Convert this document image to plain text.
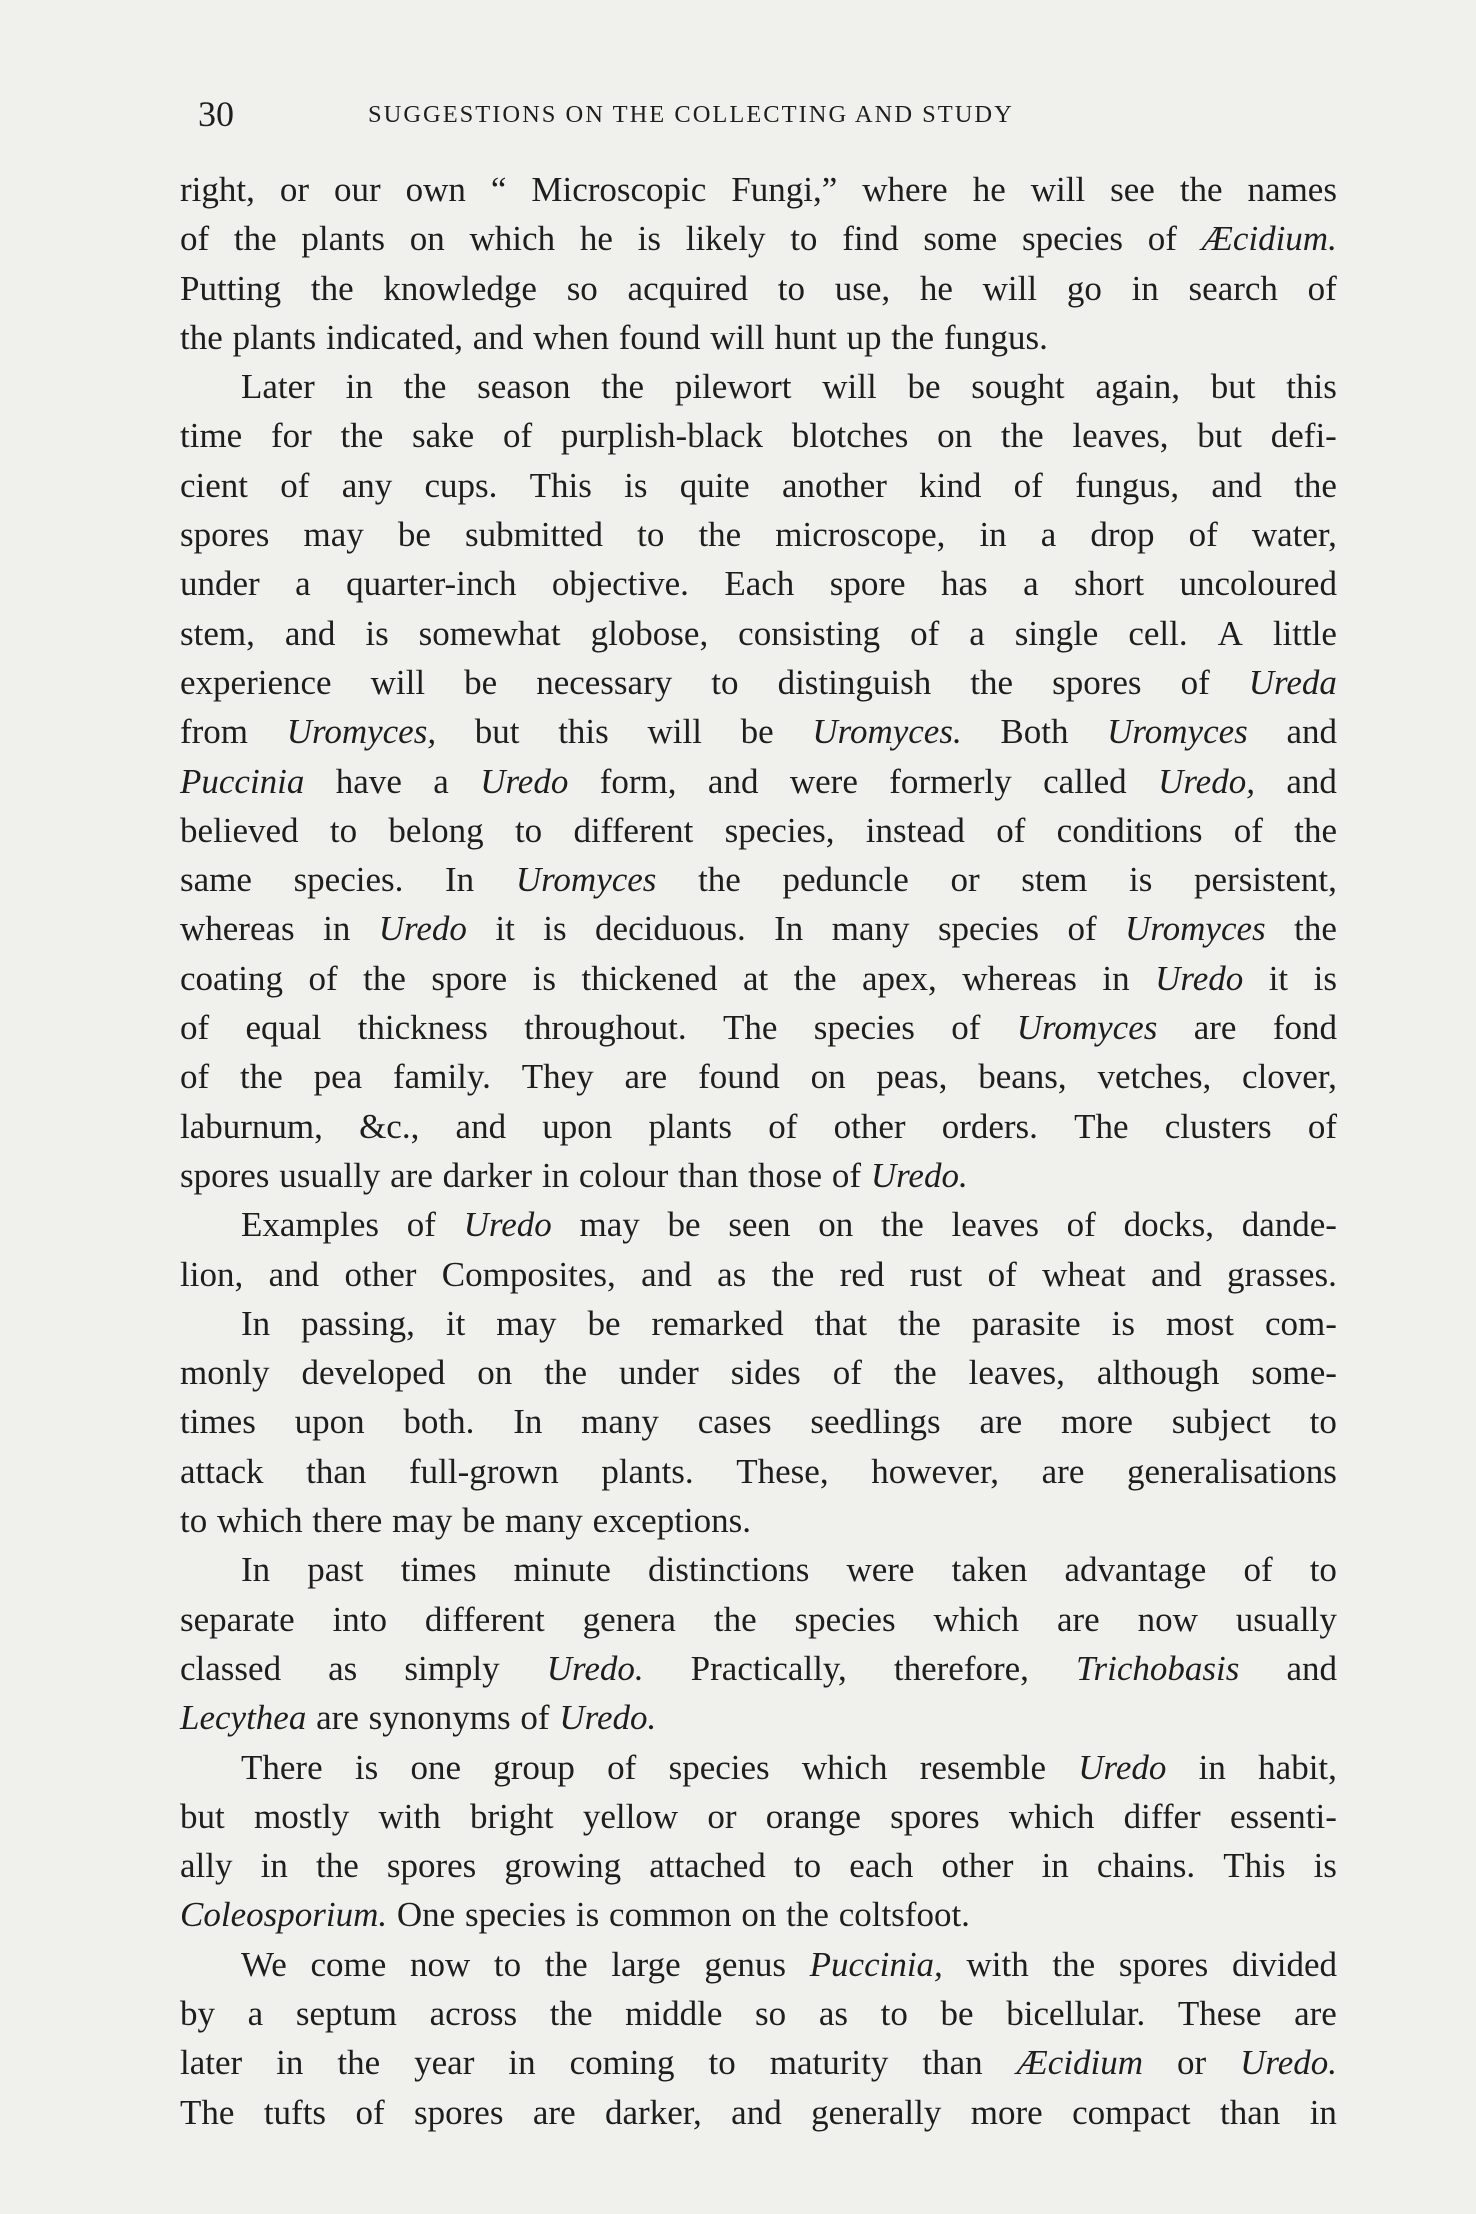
30	SUGGESTIONS ON THE COLLECTING AND STUDY
right, or our own “ Microscopic Fungi,” where he will see the names
of the plants on which he is likely to find some species of Æcidium.
Putting the knowledge so acquired to use, he will go in search of
the plants indicated, and when found will hunt up the fungus.
Later in the season the pilewort will be sought again, but this
time for the sake of purplish-black blotches on the leaves, but defi-
cient of any cups. This is quite another kind of fungus, and the
spores may be submitted to the microscope, in a drop of water,
under a quarter-inch objective. Each spore has a short uncoloured
stem, and is somewhat globose, consisting of a single cell. A little
experience will be necessary to distinguish the spores of Ureda
from Uromyces, but this will be Uromyces. Both Uromyces and
Puccinia have a Uredo form, and were formerly called Uredo, and
believed to belong to different species, instead of conditions of the
same species. In Uromyces the peduncle or stem is persistent,
whereas in Uredo it is deciduous. In many species of Uromyces the
coating of the spore is thickened at the apex, whereas in Uredo it is
of equal thickness throughout. The species of Uromyces are fond
of the pea family. They are found on peas, beans, vetches, clover,
laburnum, &c., and upon plants of other orders. The clusters of
spores usually are darker in colour than those of Uredo.
Examples of Uredo may be seen on the leaves of docks, dande-
lion, and other Composites, and as the red rust of wheat and grasses.
In passing, it may be remarked that the parasite is most com-
monly developed on the under sides of the leaves, although some-
times upon both. In many cases seedlings are more subject to
attack than full-grown plants. These, however, are generalisations
to which there may be many exceptions.
In past times minute distinctions were taken advantage of to
separate into different genera the species which are now usually
classed as simply Uredo. Practically, therefore, Trichobasis and
Lecythea are synonyms of Uredo.
There is one group of species which resemble Uredo in habit,
but mostly with bright yellow or orange spores which differ essenti-
ally in the spores growing attached to each other in chains. This is
Coleosporium. One species is common on the coltsfoot.
We come now to the large genus Puccinia, with the spores divided
by a septum across the middle so as to be bicellular. These are
later in the year in coming to maturity than Æcidium or Uredo.
The tufts of spores are darker, and generally more compact than in
